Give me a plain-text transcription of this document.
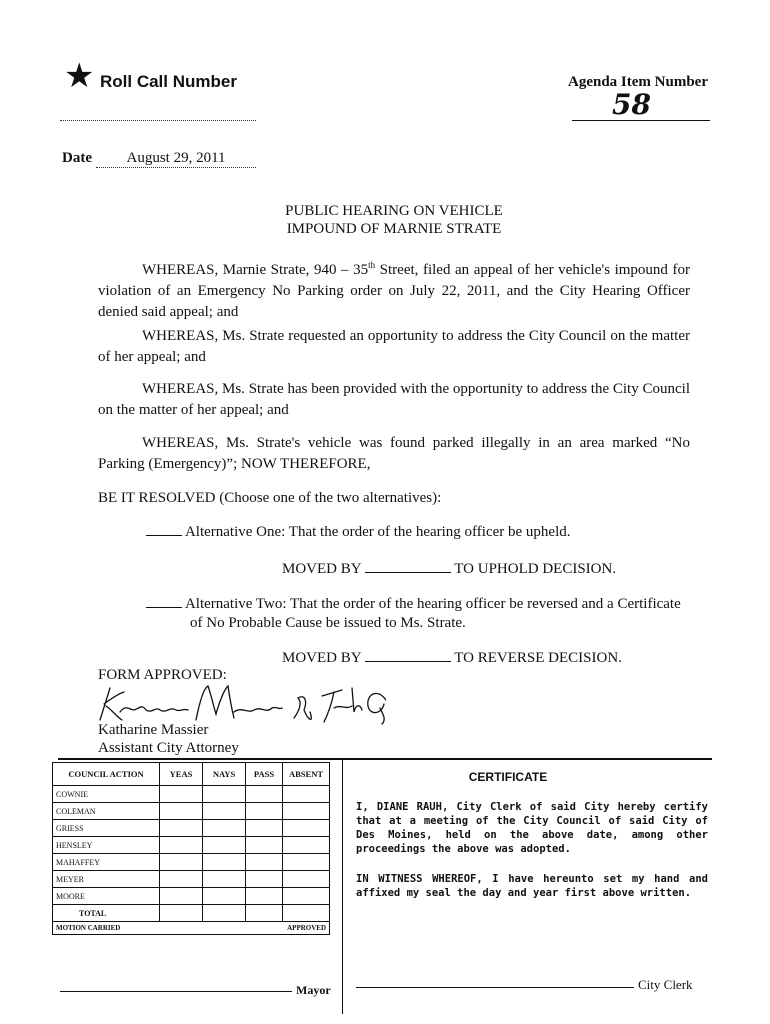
★ Roll Call Number	Agenda Item Number
58
Date	August 29, 2011
PUBLIC HEARING ON VEHICLE
IMPOUND OF MARNIE STRATE
WHEREAS, Marnie Strate, 940 – 35th Street, filed an appeal of her vehicle's impound for violation of an Emergency No Parking order on July 22, 2011, and the City Hearing Officer denied said appeal; and
WHEREAS, Ms. Strate requested an opportunity to address the City Council on the matter of her appeal; and
WHEREAS, Ms. Strate has been provided with the opportunity to address the City Council on the matter of her appeal; and
WHEREAS, Ms. Strate's vehicle was found parked illegally in an area marked “No Parking (Emergency)”; NOW THEREFORE,
BE IT RESOLVED (Choose one of the two alternatives):
Alternative One: That the order of the hearing officer be upheld.
MOVED BY	TO UPHOLD DECISION.
Alternative Two: That the order of the hearing officer be reversed and a Certificate
of No Probable Cause be issued to Ms. Strate.
MOVED BY	TO REVERSE DECISION.
FORM APPROVED:
Katharine Massier
Assistant City Attorney
COUNCIL ACTION	YEAS	NAYS	PASS	ABSENT
COWNIE				
COLEMAN				
GRIESS				
HENSLEY				
MAHAFFEY				
MEYER				
MOORE				
TOTAL				
MOTION CARRIED			APPROVED	
Mayor
CERTIFICATE
I, DIANE RAUH, City Clerk of said City hereby certify that at a meeting of the City Council of said City of Des Moines, held on the above date, among other proceedings the above was adopted.
IN WITNESS WHEREOF, I have hereunto set my hand and affixed my seal the day and year first above written.
City Clerk
